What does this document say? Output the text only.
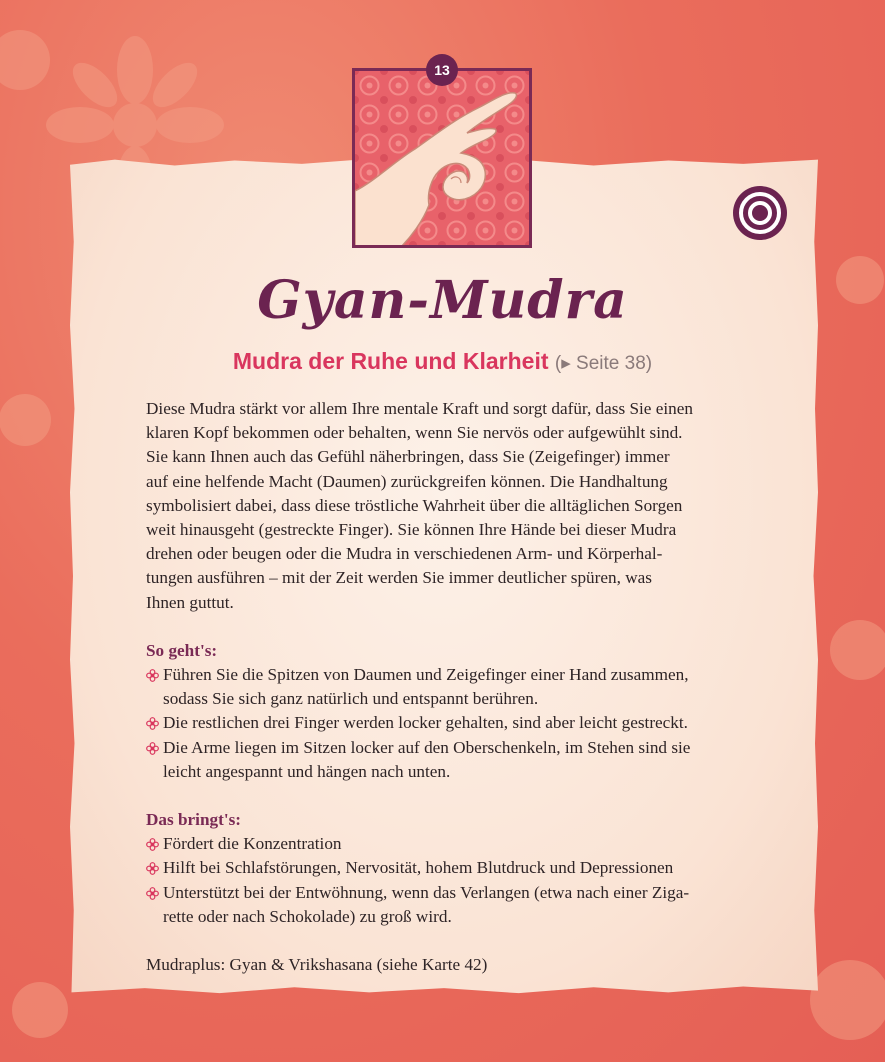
13
Gyan-Mudra
Mudra der Ruhe und Klarheit (▸ Seite 38)

Diese Mudra stärkt vor allem Ihre mentale Kraft und sorgt dafür, dass Sie einen
klaren Kopf bekommen oder behalten, wenn Sie nervös oder aufgewühlt sind.
Sie kann Ihnen auch das Gefühl näherbringen, dass Sie (Zeigefinger) immer
auf eine helfende Macht (Daumen) zurückgreifen können. Die Handhaltung
symbolisiert dabei, dass diese tröstliche Wahrheit über die alltäglichen Sorgen
weit hinausgeht (gestreckte Finger). Sie können Ihre Hände bei dieser Mudra
drehen oder beugen oder die Mudra in verschiedenen Arm- und Körperhal-
tungen ausführen – mit der Zeit werden Sie immer deutlicher spüren, was
Ihnen guttut.

So geht's:

Führen Sie die Spitzen von Daumen und Zeigefinger einer Hand zusammen,
sodass Sie sich ganz natürlich und entspannt berühren.
Die restlichen drei Finger werden locker gehalten, sind aber leicht gestreckt.
Die Arme liegen im Sitzen locker auf den Oberschenkeln, im Stehen sind sie
leicht angespannt und hängen nach unten.

Das bringt's:

Fördert die Konzentration
Hilft bei Schlafstörungen, Nervosität, hohem Blutdruck und Depressionen
Unterstützt bei der Entwöhnung, wenn das Verlangen (etwa nach einer Ziga-
rette oder nach Schokolade) zu groß wird.

Mudraplus: Gyan & Vrikshasana (siehe Karte 42)
